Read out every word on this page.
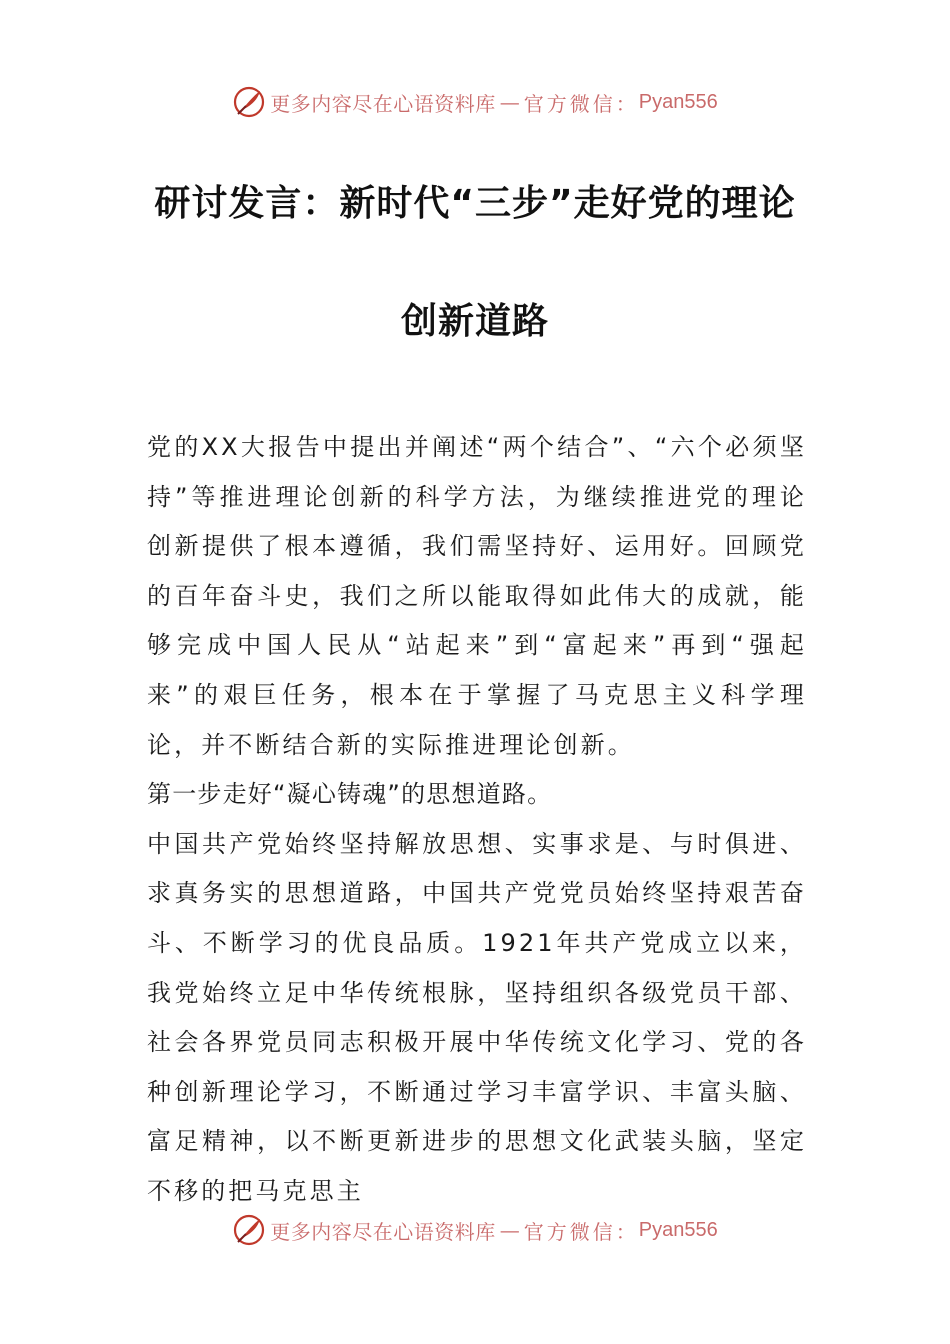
更多内容尽在心语资料库 — 官方微信： Pyan556
研讨发言：新时代“三步”走好党的理论
创新道路

党的XX大报告中提出并阐述“两个结合”、“六个必须坚持”等推进理论创新的科学方法，为继续推进党的理论创新提供了根本遵循，我们需坚持好、运用好。回顾党的百年奋斗史，我们之所以能取得如此伟大的成就，能够完成中国人民从“站起来”到“富起来”再到“强起来”的艰巨任务，根本在于掌握了马克思主义科学理论，并不断结合新的实际推进理论创新。

第一步走好“凝心铸魂”的思想道路。

中国共产党始终坚持解放思想、实事求是、与时俱进、求真务实的思想道路，中国共产党党员始终坚持艰苦奋斗、不断学习的优良品质。1921年共产党成立以来，我党始终立足中华传统根脉，坚持组织各级党员干部、社会各界党员同志积极开展中华传统文化学习、党的各种创新理论学习，不断通过学习丰富学识、丰富头脑、富足精神，以不断更新进步的思想文化武装头脑，坚定不移的把马克思主

更多内容尽在心语资料库 — 官方微信： Pyan556
